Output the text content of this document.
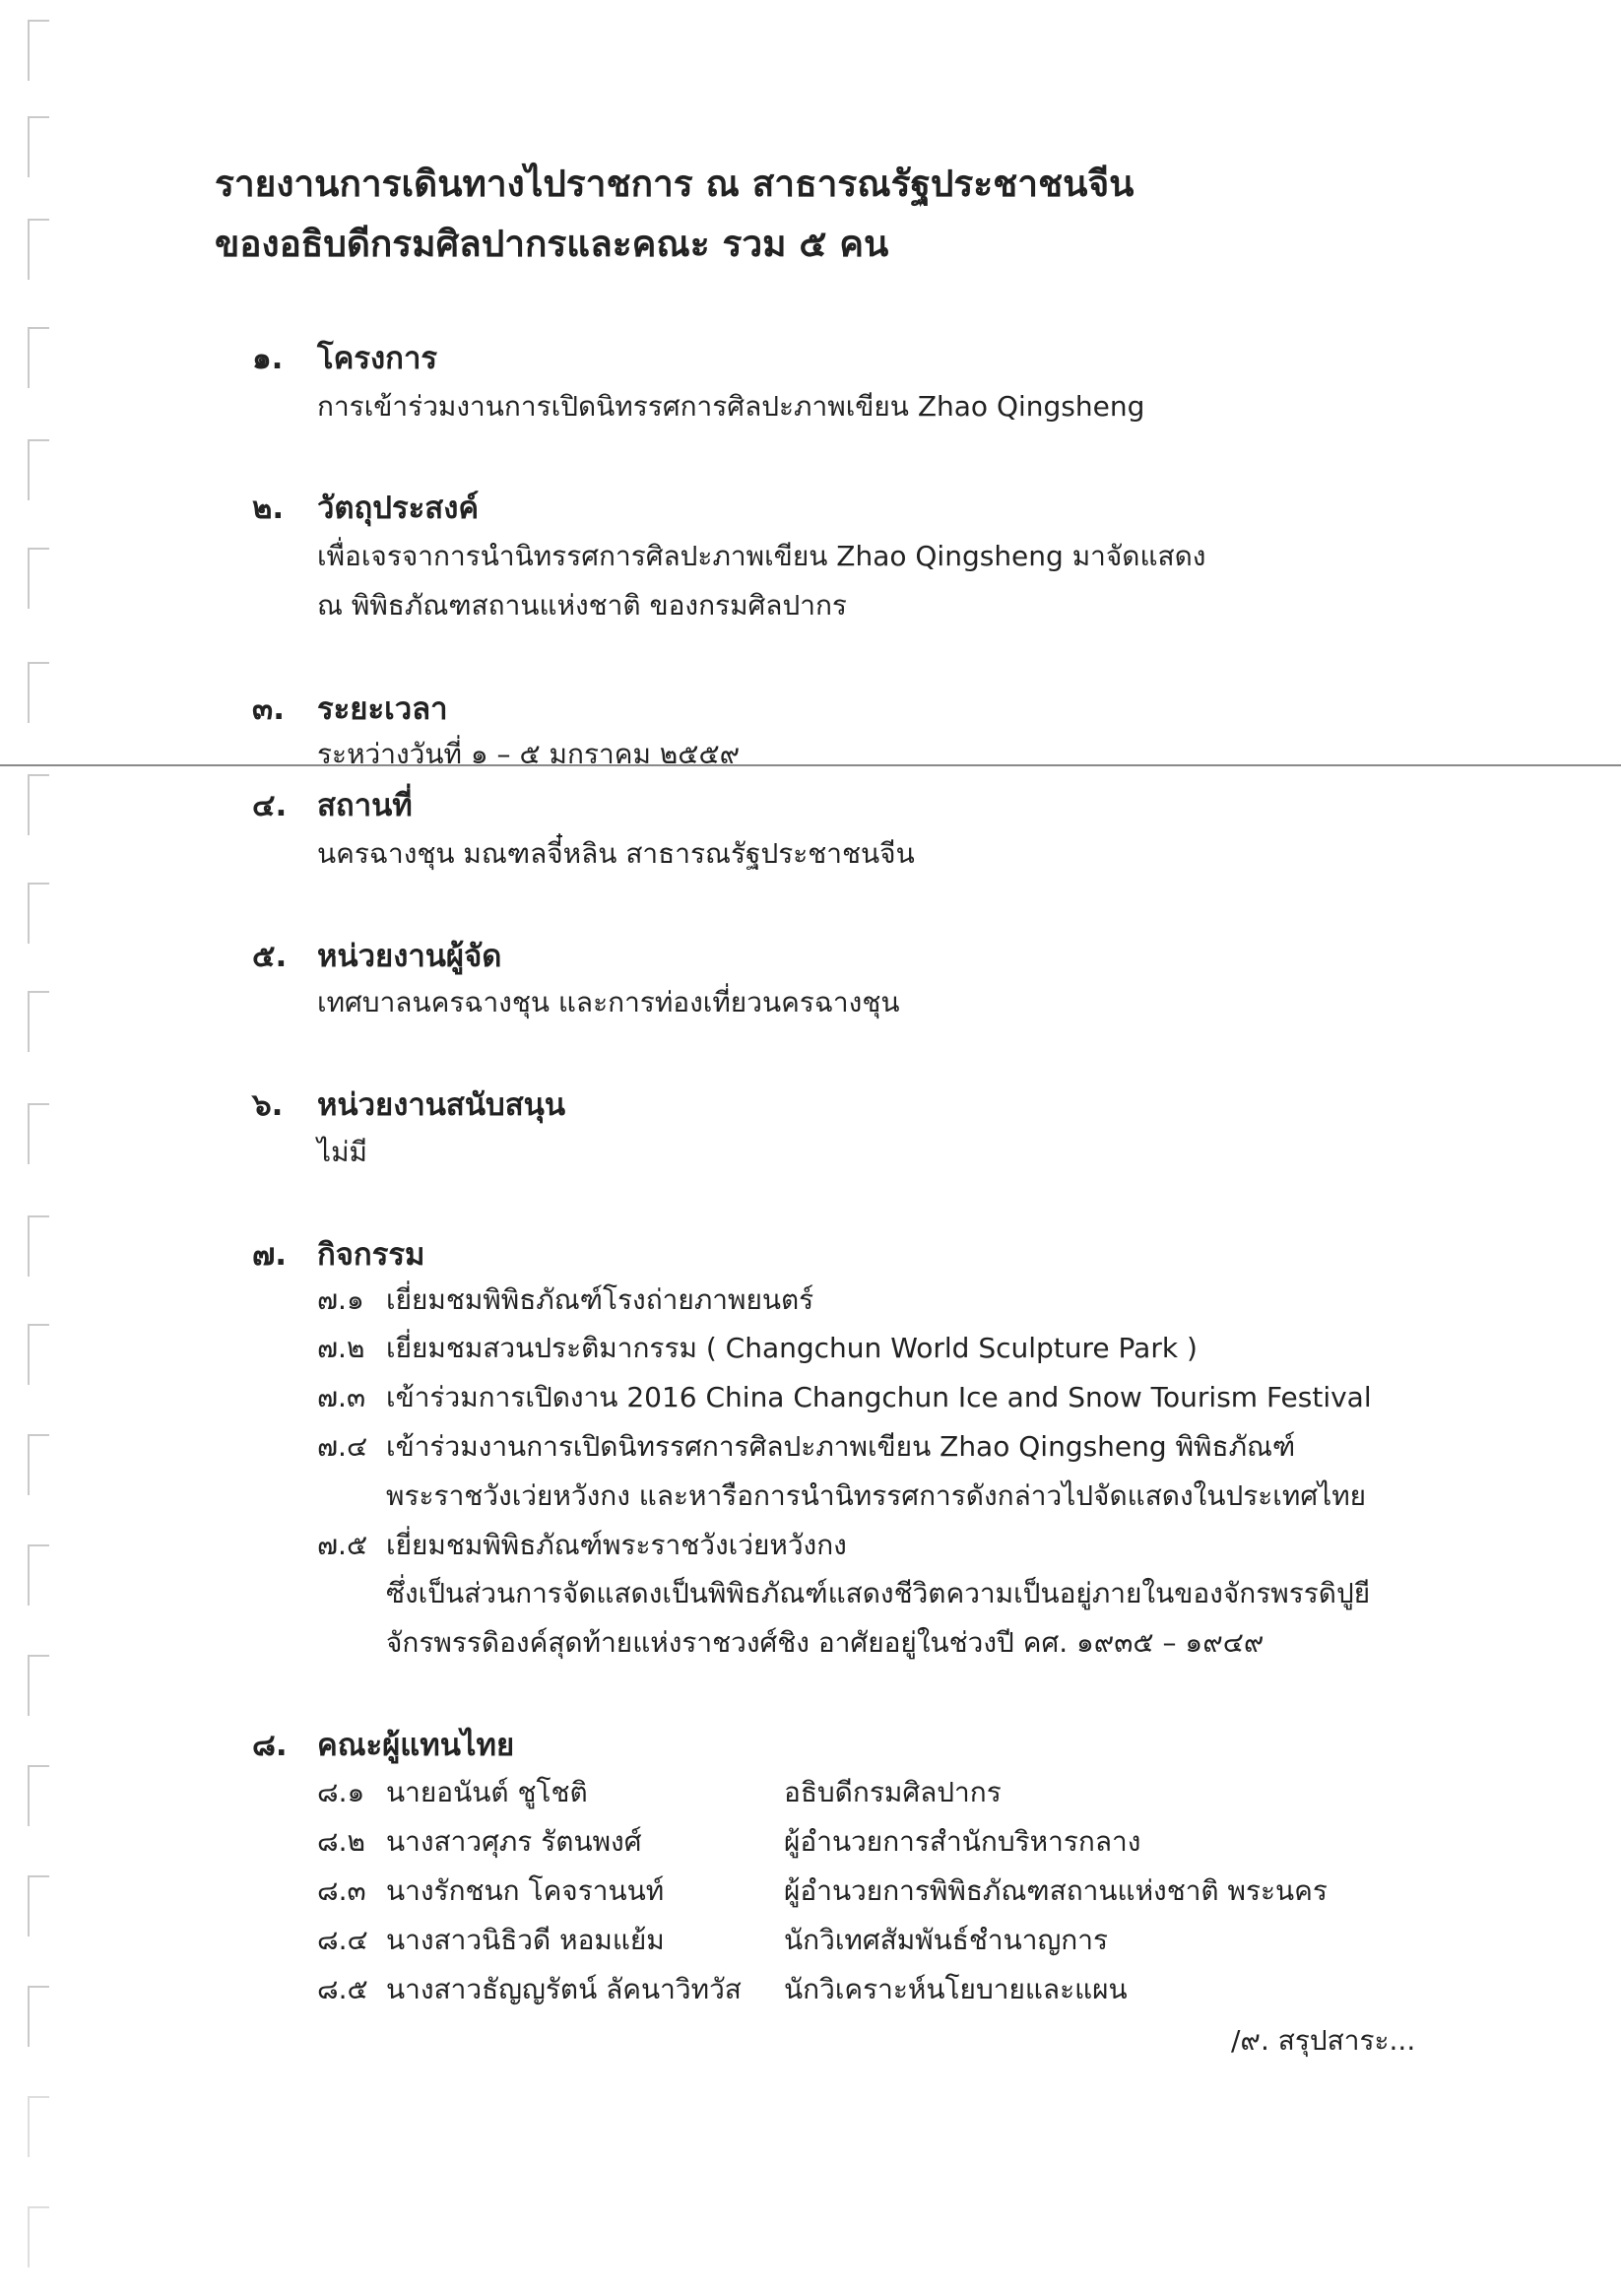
รายงานการเดินทางไปราชการ ณ สาธารณรัฐประชาชนจีน
ของอธิบดีกรมศิลปากรและคณะ รวม ๕ คน
๑. โครงการ
การเข้าร่วมงานการเปิดนิทรรศการศิลปะภาพเขียน Zhao Qingsheng
๒. วัตถุประสงค์
เพื่อเจรจาการนำนิทรรศการศิลปะภาพเขียน Zhao Qingsheng มาจัดแสดง
ณ พิพิธภัณฑสถานแห่งชาติ ของกรมศิลปากร
๓. ระยะเวลา
ระหว่างวันที่ ๑ – ๕ มกราคม ๒๕๕๙
๔. สถานที่
นครฉางชุน มณฑลจี๋หลิน สาธารณรัฐประชาชนจีน
๕. หน่วยงานผู้จัด
เทศบาลนครฉางชุน และการท่องเที่ยวนครฉางชุน
๖. หน่วยงานสนับสนุน
ไม่มี
๗. กิจกรรม
๗.๑ เยี่ยมชมพิพิธภัณฑ์โรงถ่ายภาพยนตร์
๗.๒ เยี่ยมชมสวนประติมากรรม ( Changchun World Sculpture Park )
๗.๓ เข้าร่วมการเปิดงาน 2016 China Changchun Ice and Snow Tourism Festival
๗.๔ เข้าร่วมงานการเปิดนิทรรศการศิลปะภาพเขียน Zhao Qingsheng พิพิธภัณฑ์
พระราชวังเว่ยหวังกง และหารือการนำนิทรรศการดังกล่าวไปจัดแสดงในประเทศไทย
๗.๕ เยี่ยมชมพิพิธภัณฑ์พระราชวังเว่ยหวังกง
ซึ่งเป็นส่วนการจัดแสดงเป็นพิพิธภัณฑ์แสดงชีวิตความเป็นอยู่ภายในของจักรพรรดิปูยี
จักรพรรดิองค์สุดท้ายแห่งราชวงศ์ชิง อาศัยอยู่ในช่วงปี คศ. ๑๙๓๕ – ๑๙๔๙
๘. คณะผู้แทนไทย
๘.๑ นายอนันต์ ชูโชติ	อธิบดีกรมศิลปากร
๘.๒ นางสาวศุภร รัตนพงศ์	ผู้อำนวยการสำนักบริหารกลาง
๘.๓ นางรักชนก โคจรานนท์	ผู้อำนวยการพิพิธภัณฑสถานแห่งชาติ พระนคร
๘.๔ นางสาวนิธิวดี หอมแย้ม	นักวิเทศสัมพันธ์ชำนาญการ
๘.๕ นางสาวธัญญรัตน์ ลัคนาวิทวัส นักวิเคราะห์นโยบายและแผน
/๙. สรุปสาระ...
